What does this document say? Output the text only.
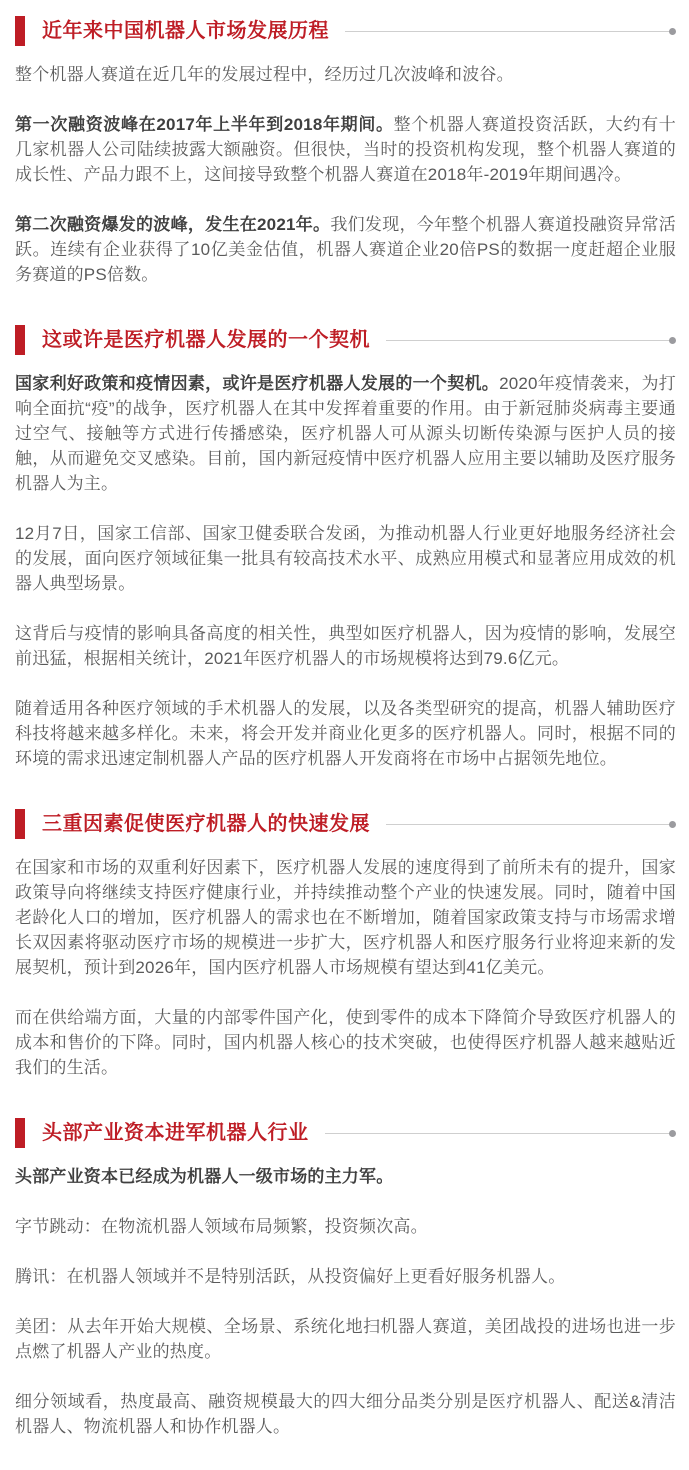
近年来中国机器人市场发展历程

整个机器人赛道在近几年的发展过程中，经历过几次波峰和波谷。

第一次融资波峰在2017年上半年到2018年期间。整个机器人赛道投资活跃，大约有十几家机器人公司陆续披露大额融资。但很快，当时的投资机构发现，整个机器人赛道的成长性、产品力跟不上，这间接导致整个机器人赛道在2018年-2019年期间遇冷。

第二次融资爆发的波峰，发生在2021年。我们发现，今年整个机器人赛道投融资异常活跃。连续有企业获得了10亿美金估值，机器人赛道企业20倍PS的数据一度赶超企业服务赛道的PS倍数。

这或许是医疗机器人发展的一个契机

国家利好政策和疫情因素，或许是医疗机器人发展的一个契机。2020年疫情袭来，为打响全面抗“疫”的战争，医疗机器人在其中发挥着重要的作用。由于新冠肺炎病毒主要通过空气、接触等方式进行传播感染，医疗机器人可从源头切断传染源与医护人员的接触，从而避免交叉感染。目前，国内新冠疫情中医疗机器人应用主要以辅助及医疗服务机器人为主。

12月7日，国家工信部、国家卫健委联合发函，为推动机器人行业更好地服务经济社会的发展，面向医疗领域征集一批具有较高技术水平、成熟应用模式和显著应用成效的机器人典型场景。

这背后与疫情的影响具备高度的相关性，典型如医疗机器人，因为疫情的影响，发展空前迅猛，根据相关统计，2021年医疗机器人的市场规模将达到79.6亿元。

随着适用各种医疗领域的手术机器人的发展，以及各类型研究的提高，机器人辅助医疗科技将越来越多样化。未来，将会开发并商业化更多的医疗机器人。同时，根据不同的环境的需求迅速定制机器人产品的医疗机器人开发商将在市场中占据领先地位。

三重因素促使医疗机器人的快速发展

在国家和市场的双重利好因素下，医疗机器人发展的速度得到了前所未有的提升，国家政策导向将继续支持医疗健康行业，并持续推动整个产业的快速发展。同时，随着中国老龄化人口的增加，医疗机器人的需求也在不断增加，随着国家政策支持与市场需求增长双因素将驱动医疗市场的规模进一步扩大，医疗机器人和医疗服务行业将迎来新的发展契机，预计到2026年，国内医疗机器人市场规模有望达到41亿美元。

而在供给端方面，大量的内部零件国产化，使到零件的成本下降简介导致医疗机器人的成本和售价的下降。同时，国内机器人核心的技术突破，也使得医疗机器人越来越贴近我们的生活。

头部产业资本进军机器人行业

头部产业资本已经成为机器人一级市场的主力军。

字节跳动：在物流机器人领域布局频繁，投资频次高。

腾讯：在机器人领域并不是特别活跃，从投资偏好上更看好服务机器人。

美团：从去年开始大规模、全场景、系统化地扫机器人赛道，美团战投的进场也进一步点燃了机器人产业的热度。

细分领域看，热度最高、融资规模最大的四大细分品类分别是医疗机器人、配送&清洁机器人、物流机器人和协作机器人。
